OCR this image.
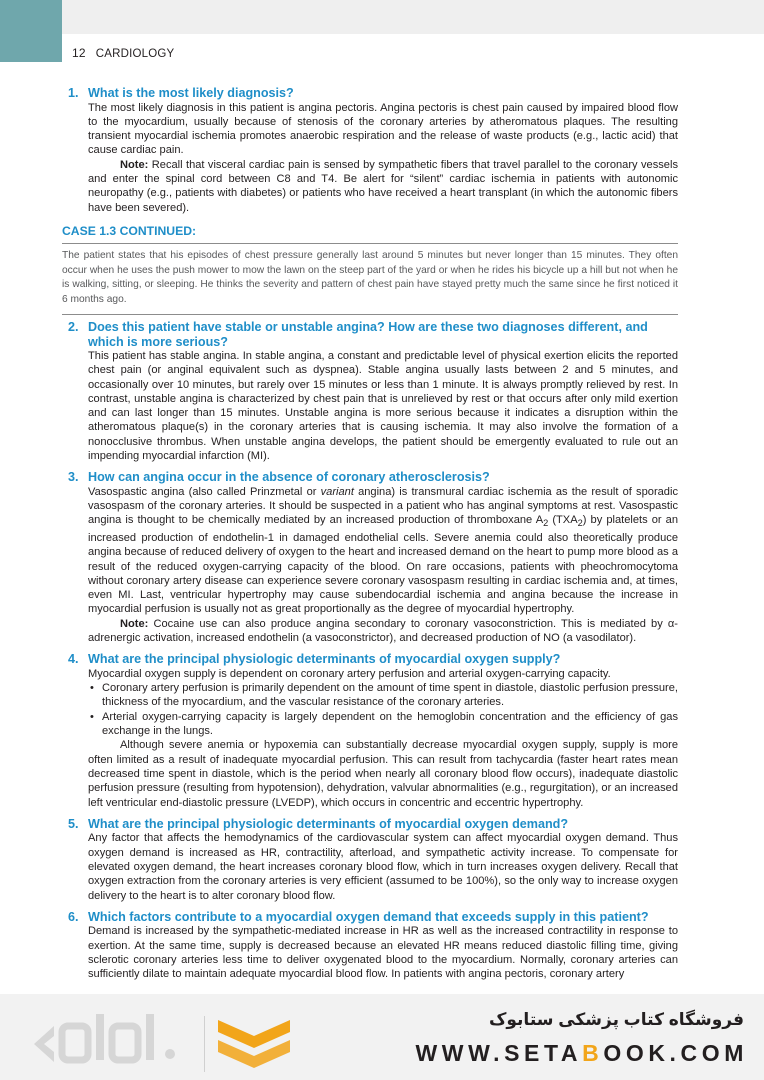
12 CARDIOLOGY
1. What is the most likely diagnosis?

The most likely diagnosis in this patient is angina pectoris. Angina pectoris is chest pain caused by impaired blood flow to the myocardium, usually because of stenosis of the coronary arteries by atheromatous plaques. The resulting transient myocardial ischemia promotes anaerobic respiration and the release of waste products (e.g., lactic acid) that cause cardiac pain.

Note: Recall that visceral cardiac pain is sensed by sympathetic fibers that travel parallel to the coronary vessels and enter the spinal cord between C8 and T4. Be alert for “silent” cardiac ischemia in patients with autonomic neuropathy (e.g., patients with diabetes) or patients who have received a heart transplant (in which the autonomic fibers have been severed).

CASE 1.3 CONTINUED:

The patient states that his episodes of chest pressure generally last around 5 minutes but never longer than 15 minutes. They often occur when he uses the push mower to mow the lawn on the steep part of the yard or when he rides his bicycle up a hill but not when he is walking, sitting, or sleeping. He thinks the severity and pattern of chest pain have stayed pretty much the same since he first noticed it 6 months ago.

2. Does this patient have stable or unstable angina? How are these two diagnoses different, and which is more serious?

This patient has stable angina. In stable angina, a constant and predictable level of physical exertion elicits the reported chest pain (or anginal equivalent such as dyspnea). Stable angina usually lasts between 2 and 5 minutes, and occasionally over 10 minutes, but rarely over 15 minutes or less than 1 minute. It is always promptly relieved by rest. In contrast, unstable angina is characterized by chest pain that is unrelieved by rest or that occurs after only mild exertion and can last longer than 15 minutes. Unstable angina is more serious because it indicates a disruption within the atheromatous plaque(s) in the coronary arteries that is causing ischemia. It may also involve the formation of a nonocclusive thrombus. When unstable angina develops, the patient should be emergently evaluated to rule out an impending myocardial infarction (MI).

3. How can angina occur in the absence of coronary atherosclerosis?

Vasospastic angina (also called Prinzmetal or variant angina) is transmural cardiac ischemia as the result of sporadic vasospasm of the coronary arteries. It should be suspected in a patient who has anginal symptoms at rest. Vasospastic angina is thought to be chemically mediated by an increased production of thromboxane $A_2$ $(TXA_2)$ by platelets or an increased production of endothelin-1 in damaged endothelial cells. Severe anemia could also theoretically produce angina because of reduced delivery of oxygen to the heart and increased demand on the heart to pump more blood as a result of the reduced oxygen-carrying capacity of the blood. On rare occasions, patients with pheochromocytoma without coronary artery disease can experience severe coronary vasospasm resulting in cardiac ischemia and, at times, even MI. Last, ventricular hypertrophy may cause subendocardial ischemia and angina because the increase in myocardial perfusion is usually not as great proportionally as the degree of myocardial hypertrophy.

Note: Cocaine use can also produce angina secondary to coronary vasoconstriction. This is mediated by α-adrenergic activation, increased endothelin (a vasoconstrictor), and decreased production of NO (a vasodilator).

4. What are the principal physiologic determinants of myocardial oxygen supply?

Myocardial oxygen supply is dependent on coronary artery perfusion and arterial oxygen-carrying capacity.

• Coronary artery perfusion is primarily dependent on the amount of time spent in diastole, diastolic perfusion pressure, thickness of the myocardium, and the vascular resistance of the coronary arteries.

• Arterial oxygen-carrying capacity is largely dependent on the hemoglobin concentration and the efficiency of gas exchange in the lungs.

Although severe anemia or hypoxemia can substantially decrease myocardial oxygen supply, supply is more often limited as a result of inadequate myocardial perfusion. This can result from tachycardia (faster heart rates mean decreased time spent in diastole, which is the period when nearly all coronary blood flow occurs), inadequate diastolic perfusion pressure (resulting from hypotension), dehydration, valvular abnormalities (e.g., regurgitation), or an increased left ventricular end-diastolic pressure (LVEDP), which occurs in concentric and eccentric hypertrophy.

5. What are the principal physiologic determinants of myocardial oxygen demand?

Any factor that affects the hemodynamics of the cardiovascular system can affect myocardial oxygen demand. Thus oxygen demand is increased as HR, contractility, afterload, and sympathetic activity increase. To compensate for elevated oxygen demand, the heart increases coronary blood flow, which in turn increases oxygen delivery. Recall that oxygen extraction from the coronary arteries is very efficient (assumed to be 100%), so the only way to increase oxygen delivery to the heart is to alter coronary blood flow.

6. Which factors contribute to a myocardial oxygen demand that exceeds supply in this patient?

Demand is increased by the sympathetic-mediated increase in HR as well as the increased contractility in response to exertion. At the same time, supply is decreased because an elevated HR means reduced diastolic filling time, giving sclerotic coronary arteries less time to deliver oxygenated blood to the myocardium. Normally, coronary arteries can sufficiently dilate to maintain adequate myocardial blood flow. In patients with angina pectoris, coronary artery

فروشگاه کتاب پزشکی ستابوک
WWW.SETABOOK.COM
